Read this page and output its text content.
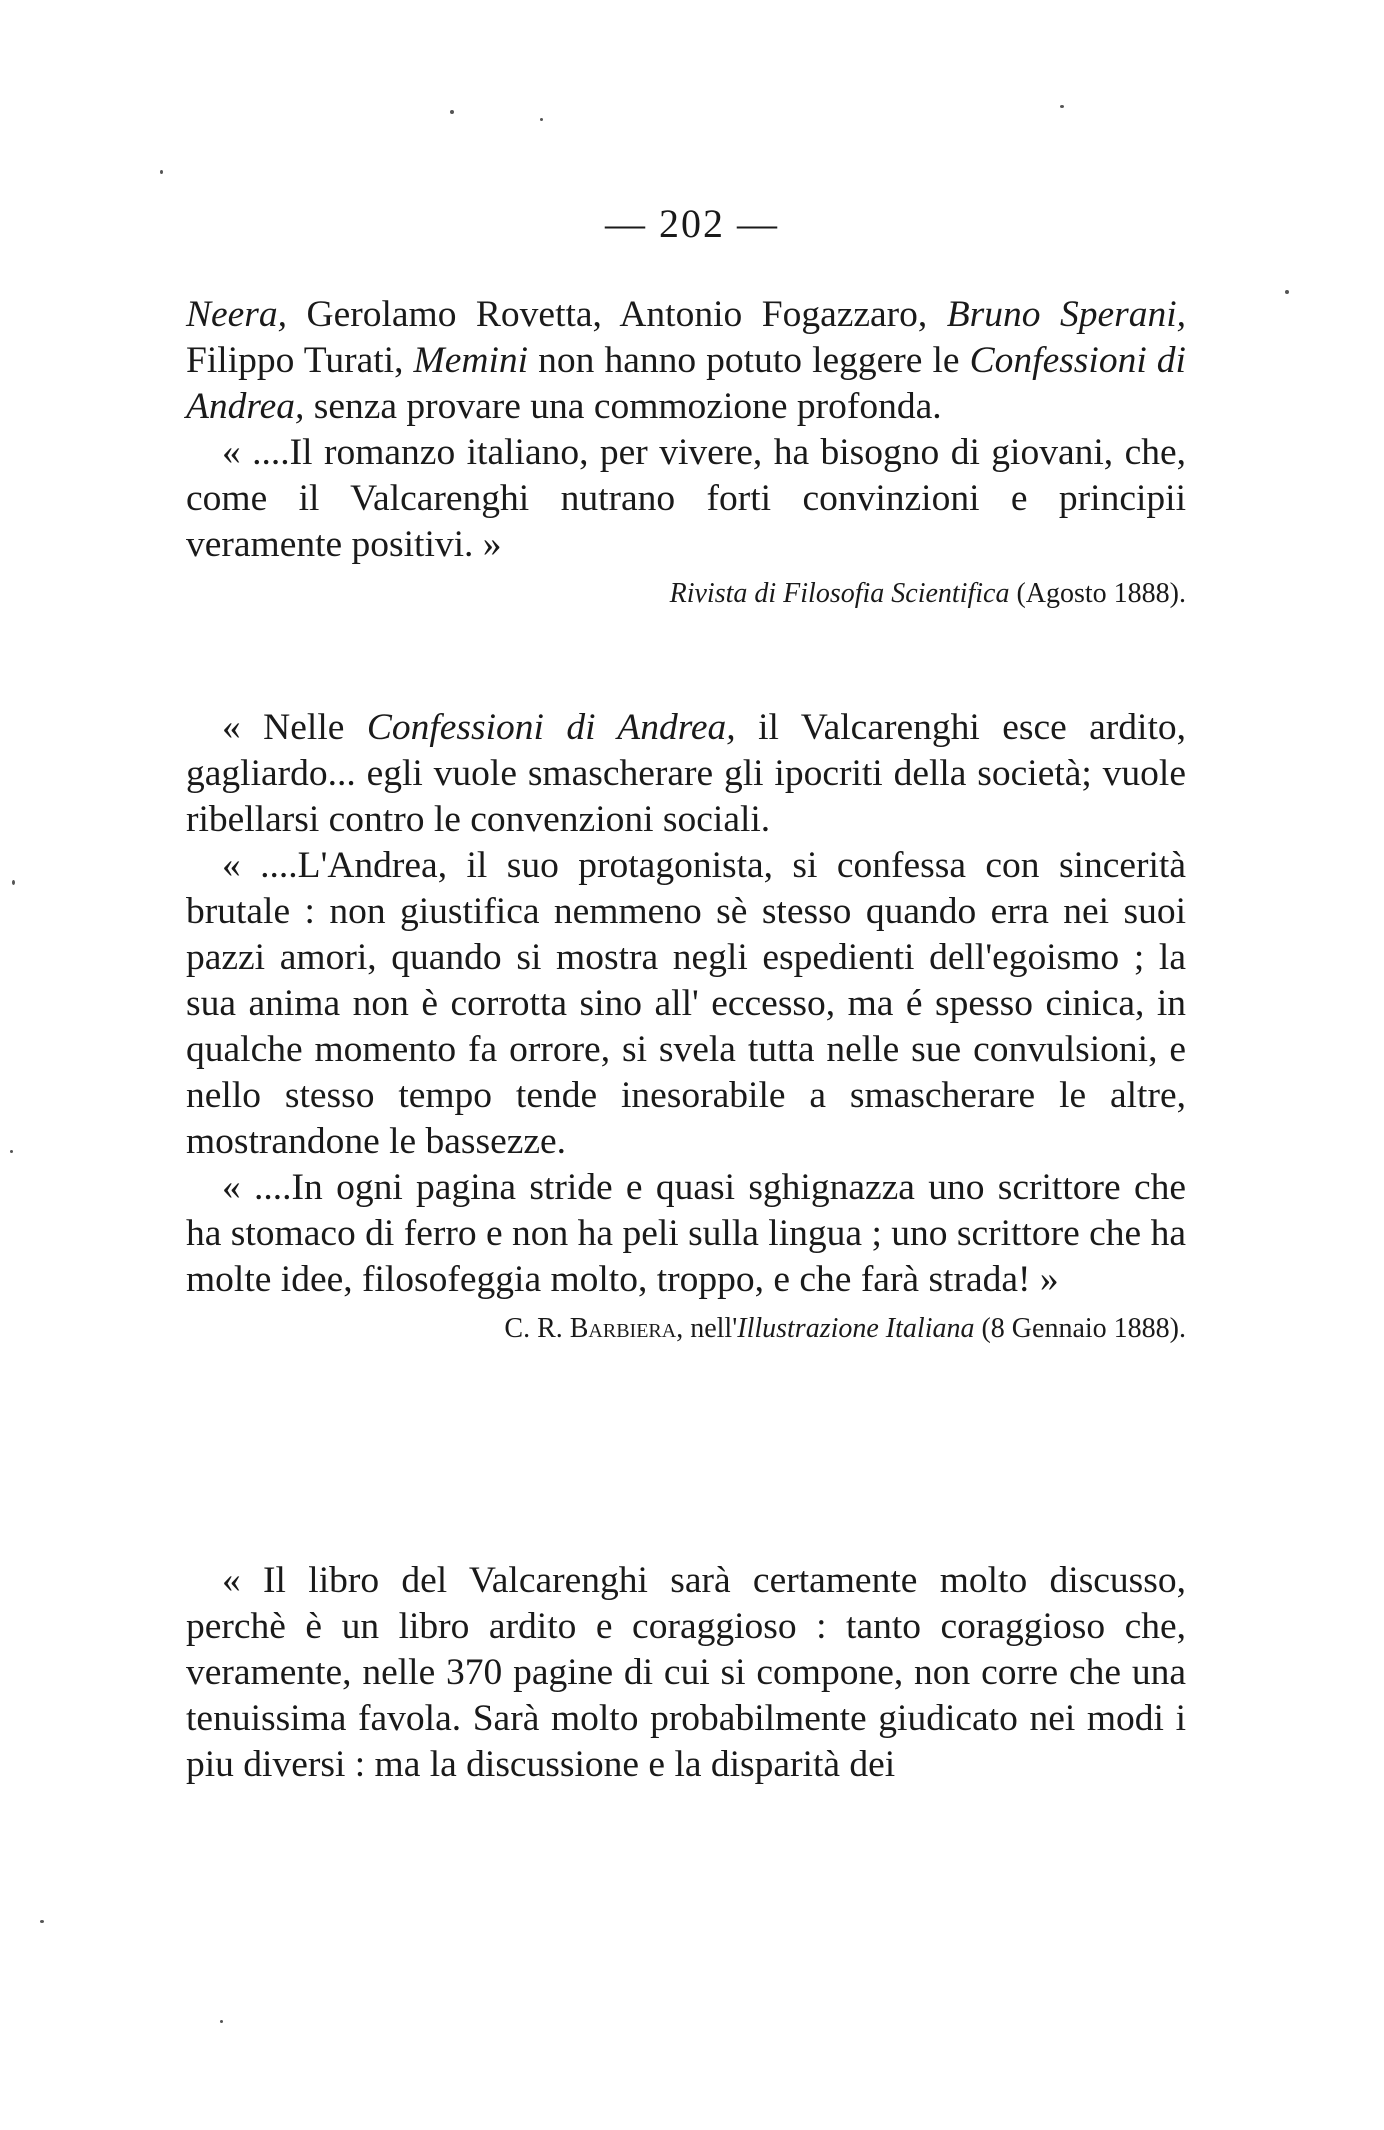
— 202 —

Neera, Gerolamo Rovetta, Antonio Fogazzaro, Bruno Sperani, Filippo Turati, Memini non hanno potuto leggere le Confessioni di Andrea, senza provare una commozione profonda.

« ....Il romanzo italiano, per vivere, ha bisogno di giovani, che, come il Valcarenghi nutrano forti convinzioni e principii veramente positivi. »

Rivista di Filosofia Scientifica (Agosto 1888).

« Nelle Confessioni di Andrea, il Valcarenghi esce ardito, gagliardo... egli vuole smascherare gli ipocriti della società; vuole ribellarsi contro le convenzioni sociali.

« ....L'Andrea, il suo protagonista, si confessa con sincerità brutale : non giustifica nemmeno sè stesso quando erra nei suoi pazzi amori, quando si mostra negli espedienti dell'egoismo ; la sua anima non è corrotta sino all' eccesso, ma é spesso cinica, in qualche momento fa orrore, si svela tutta nelle sue convulsioni, e nello stesso tempo tende inesorabile a smascherare le altre, mostrandone le bassezze.

« ....In ogni pagina stride e quasi sghignazza uno scrittore che ha stomaco di ferro e non ha peli sulla lingua ; uno scrittore che ha molte idee, filosofeggia molto, troppo, e che farà strada! »

C. R. Barbiera, nell'Illustrazione Italiana (8 Gennaio 1888).

« Il libro del Valcarenghi sarà certamente molto discusso, perchè è un libro ardito e coraggioso : tanto coraggioso che, veramente, nelle 370 pagine di cui si compone, non corre che una tenuissima favola. Sarà molto probabilmente giudicato nei modi i piu diversi : ma la discussione e la disparità dei
